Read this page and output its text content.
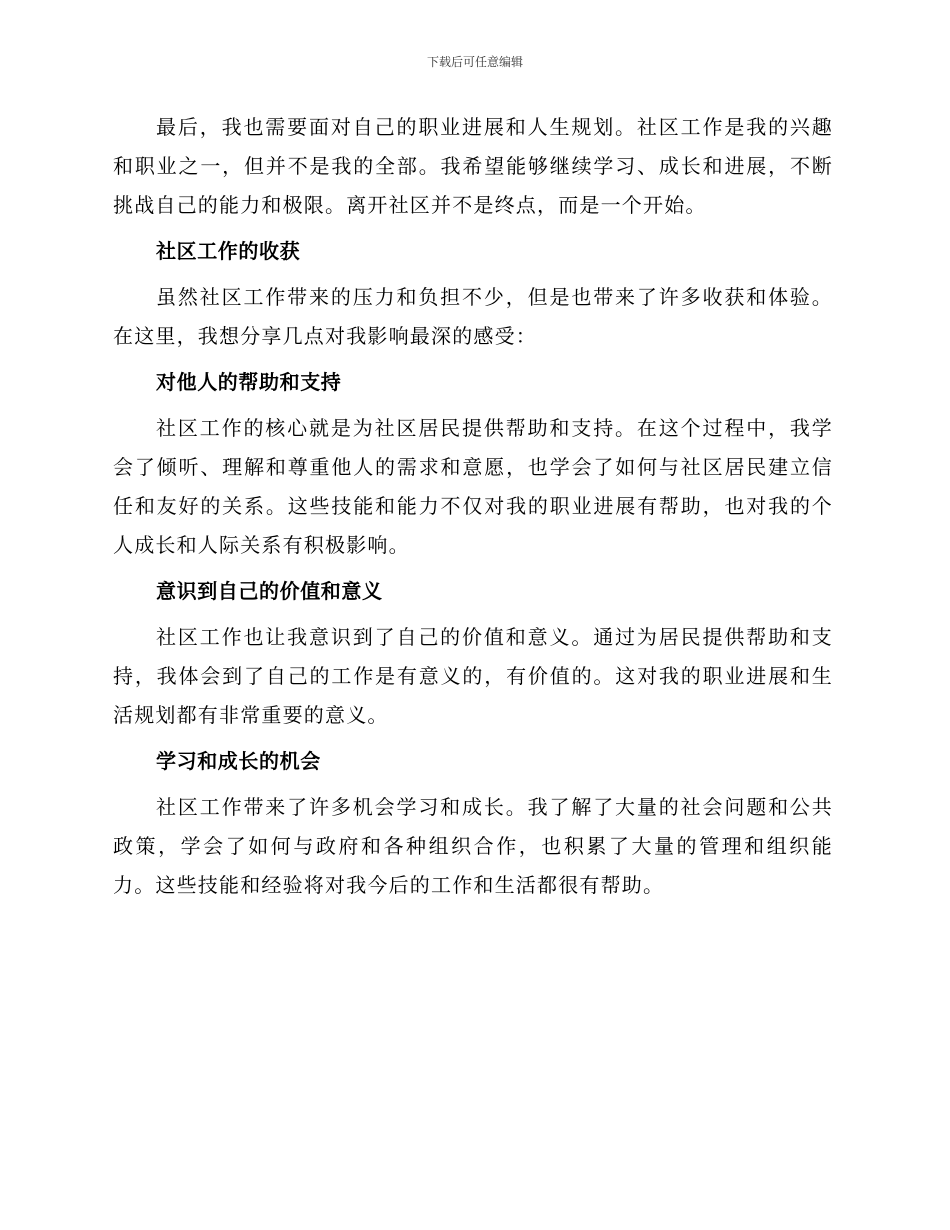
下载后可任意编辑

最后，我也需要面对自己的职业进展和人生规划。社区工作是我的兴趣和职业之一，但并不是我的全部。我希望能够继续学习、成长和进展，不断挑战自己的能力和极限。离开社区并不是终点，而是一个开始。

社区工作的收获

虽然社区工作带来的压力和负担不少，但是也带来了许多收获和体验。在这里，我想分享几点对我影响最深的感受：

对他人的帮助和支持

社区工作的核心就是为社区居民提供帮助和支持。在这个过程中，我学会了倾听、理解和尊重他人的需求和意愿，也学会了如何与社区居民建立信任和友好的关系。这些技能和能力不仅对我的职业进展有帮助，也对我的个人成长和人际关系有积极影响。

意识到自己的价值和意义

社区工作也让我意识到了自己的价值和意义。通过为居民提供帮助和支持，我体会到了自己的工作是有意义的，有价值的。这对我的职业进展和生活规划都有非常重要的意义。

学习和成长的机会

社区工作带来了许多机会学习和成长。我了解了大量的社会问题和公共政策，学会了如何与政府和各种组织合作，也积累了大量的管理和组织能力。这些技能和经验将对我今后的工作和生活都很有帮助。
